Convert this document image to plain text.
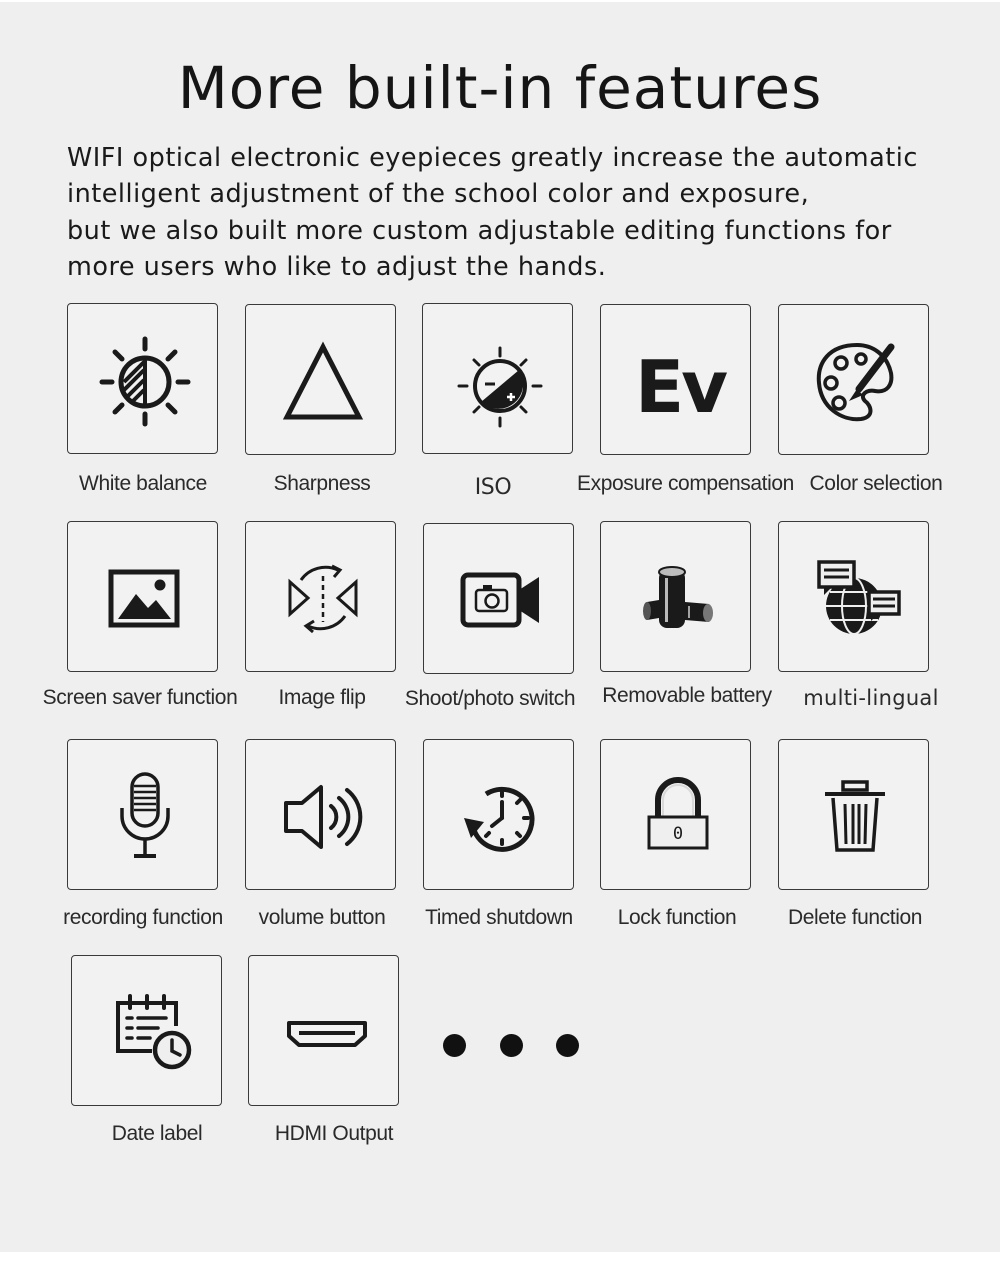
More built-in features
WIFI optical electronic eyepieces greatly increase the automatic
intelligent adjustment of the school color and exposure,
but we also built more custom adjustable editing functions for
more users who like to adjust the hands.
White balance	Sharpness	ISO
Ev
Exposure compensation Color selection
Screen saver function	Image flip	Shoot/photo switch	Removable battery	multi-lingual
recording function	volume button	Timed shutdown
0
Lock function	Delete function
Date label	HDMI Output
